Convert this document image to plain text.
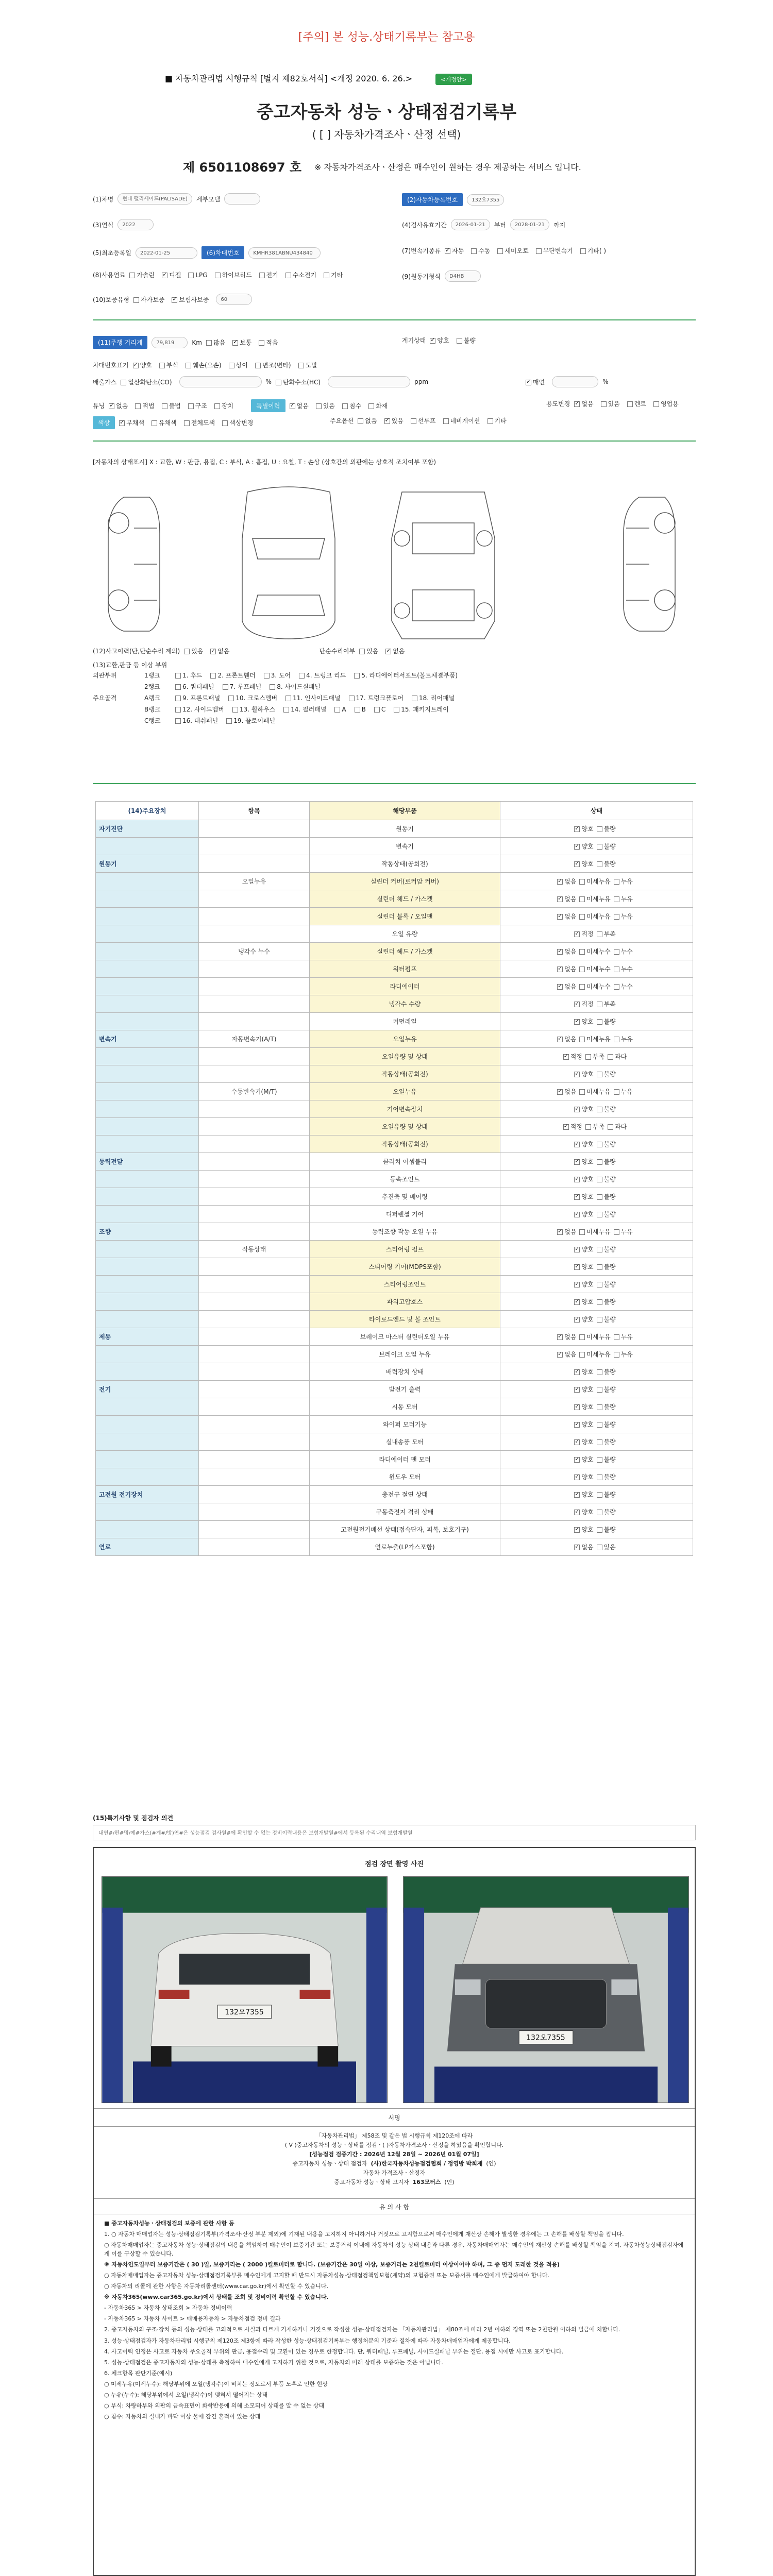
[주의] 본 성능.상태기록부는 참고용
■ 자동차관리법 시행규칙 [별지 제82호서식] <개정 2020. 6. 26.>	<개정안>
중고자동차 성능ㆍ상태점검기록부
( [ ] 자동차가격조사ㆍ산정 선택)
제 6501108697 호 ※ 자동차가격조사ㆍ산정은 매수인이 원하는 경우 제공하는 서비스 입니다.
(1)차명	현대 팰리세이드(PALISADE)	세부모델	(2)자동차등록번호	132오7355
(3)연식	2022	(4)검사유효기간	2026-01-21	부터	2028-01-21	까지
(5)최초등록일	2022-01-25	(6)차대번호	KMHR381ABNU434840	(7)변속기종류 ✓	자동	수동	세미오토	무단변속기	기타( )
(8)사용연료	가솔린 ✓	디젤	LPG	하이브리드	전기	수소전기	기타	(9)원동기형식	D4HB
(10)보증유형	자가보증 ✓	보험사보증	60
(11)주행 거리계	79,819	Km	많음 ✓	보통	적음	계기상태 ✓	양호	불량
차대번호표기 ✓	양호	부식	훼손(오손)	상이	변조(변타)	도말
배출가스	일산화탄소(CO)	%	탄화수소(HC)	ppm ✓	매연	%
튜닝 ✓	없음	적법	불법	구조	장치	특별이력 ✓	없음	있음	침수	화재	용도변경 ✓	없음	있음	렌트	영업용
색상 ✓	무채색	유채색	전체도색	색상변경	주요옵션	없음 ✓	있음	선루프	네비게이션	기타
[자동차의 상태표시] X : 교환, W : 판금, 용접, C : 부식, A : 흠집, U : 요철, T : 손상 (상호간의 외판에는 상호적 조치여부 포함)
(12)사고이력(단,단순수리 제외)	있음 ✓	없음	단순수리여부	있음 ✓	없음
(13)교환,판금 등 이상 부위
외판부위	1랭크	1. 후드	2. 프론트휀더	3. 도어	4. 트렁크 리드	5. 라디에이터서포트(볼트체결부품)
2랭크	6. 쿼터패널	7. 루프패널	8. 사이드실패널
주요골격	A랭크	9. 프론트패널	10. 크로스멤버	11. 인사이드패널	17. 트렁크플로어	18. 리어패널
B랭크	12. 사이드멤버	13. 휠하우스	14. 필러패널	A	B	C	15. 패키지트레이
C랭크	16. 대쉬패널	19. 플로어패널
(14)주요장치	항목	해당부품	상태
자기진단		원동기	✓양호 불량
		변속기	✓양호 불량
원동기		작동상태(공회전)	✓양호 불량
	오일누유	실린더 커버(로커암 커버)	✓없음 미세누유 누유
		실린더 헤드 / 가스켓	✓없음 미세누유 누유
		실린더 블록 / 오일팬	✓없음 미세누유 누유
		오일 유량	✓적정 부족
	냉각수 누수	실린더 헤드 / 가스켓	✓없음 미세누수 누수
		워터펌프	✓없음 미세누수 누수
		라디에이터	✓없음 미세누수 누수
		냉각수 수량	✓적정 부족
		커먼레일	✓양호 불량
변속기	자동변속기(A/T)	오일누유	✓없음 미세누유 누유
		오일유량 및 상태	✓적정 부족 과다
		작동상태(공회전)	✓양호 불량
	수동변속기(M/T)	오일누유	✓없음 미세누유 누유
		기어변속장치	✓양호 불량
		오일유량 및 상태	✓적정 부족 과다
		작동상태(공회전)	✓양호 불량
동력전달		클러치 어셈블리	✓양호 불량
		등속조인트	✓양호 불량
		추진축 및 베어링	✓양호 불량
		디퍼렌셜 기어	✓양호 불량
조향		동력조향 작동 오일 누유	✓없음 미세누유 누유
	작동상태	스티어링 펌프	✓양호 불량
		스티어링 기어(MDPS포함)	✓양호 불량
		스티어링조인트	✓양호 불량
		파워고압호스	✓양호 불량
		타이로드엔드 및 볼 조인트	✓양호 불량
제동		브레이크 마스터 실린더오일 누유	✓없음 미세누유 누유
		브레이크 오일 누유	✓없음 미세누유 누유
		배력장치 상태	✓양호 불량
전기		발전기 출력	✓양호 불량
		시동 모터	✓양호 불량
		와이퍼 모터기능	✓양호 불량
		실내송풍 모터	✓양호 불량
		라디에이터 팬 모터	✓양호 불량
		윈도우 모터	✓양호 불량
고전원 전기장치		충전구 절연 상태	✓양호 불량
		구동축전지 격리 상태	✓양호 불량
		고전원전기배선 상태(접속단자, 피복, 보호기구)	✓양호 불량
연료		연료누출(LP가스포함)	✓없음 있음
(15)특기사항 및 점검자 의견
내연#/편#명/예#가스(#계#/방)연#은 성능점검 검사원#에 확인할 수 없는 정비이력내용은 보험개발원#에서 등록된 수리내역 보험개발원
점검 장면 촬영 사진
132오7355
132오7355
서명
「자동차관리법」 제58조 및 같은 법 시행규칙 제120조에 따라
( V )중고자동차의 성능ㆍ상태를 점검ㆍ( )자동차가격조사ㆍ산정을 하였음을 확인합니다.
[성능점검 검증기간 : 2026년 12월 28일 ~ 2026년 01월 07일]
중고자동차 성능ㆍ상태 점검자 (사)한국자동차성능점검협회 / 정영방 박희재 (인)
자동차 가격조사ㆍ산정자
중고자동차 성능ㆍ상태 고지자 163모터스 (인)
유 의 사 항
■ 중고자동차성능ㆍ상태점검의 보증에 관한 사항 등
1. ○ 자동차 매매업자는 성능·상태점검기록부(가격조사·산정 부분 제외)에 기재된 내용을 고지하지 아니하거나 거짓으로 고지함으로써 매수인에게 재산상 손해가 발생한 경우에는 그 손해를 배상할 책임을 집니다.
○ 자동차매매업자는 중고자동차 성능·상태점검의 내용을 책임하여 매수인이 보증기간 또는 보증거리 이내에 자동차의 성능 상태 내용과 다른 경우, 자동차매매업자는 매수인의 재산상 손해를 배상할 책임을 지며, 자동차성능상태점검자에게 이를 구상할 수 있습니다.
※ 자동차인도일부터 보증기간은 ( 30 )일, 보증거리는 ( 2000 )킬로미터로 합니다. (보증기간은 30일 이상, 보증거리는 2천킬로미터 이상이어야 하며, 그 중 먼저 도래한 것을 적용)
○ 자동차매매업자는 중고자동차 성능·상태점검기록부를 매수인에게 고지할 때 반드시 자동차성능·상태점검책임보험(계약)의 보험증권 또는 보증서를 매수인에게 발급하여야 합니다.
○ 자동차의 리콜에 관한 사항은 자동차리콜센터(www.car.go.kr)에서 확인할 수 있습니다.
※ 자동차365(www.car365.go.kr)에서 상태를 조회 및 정비이력 확인할 수 있습니다.
- 자동차365 > 자동차 상태조회 > 자동차 정비이력
- 자동차365 > 자동차 사이트 > 매매용자동차 > 자동차점검 정비 결과
2. 중고자동차의 구조·장치 등의 성능·상태를 고의적으로 사실과 다르게 기재하거나 거짓으로 작성한 성능·상태점검자는 「자동차관리법」 제80조에 따라 2년 이하의 징역 또는 2천만원 이하의 벌금에 처합니다.
3. 성능·상태점검자가 자동차관리법 시행규칙 제120조 제3항에 따라 작성한 성능·상태점검기록부는 행정처분의 기준과 절차에 따라 자동차매매업자에게 제공합니다.
4. 사고이력 인정은 사고로 자동차 주요골격 부위의 판금, 용접수리 및 교환이 있는 경우로 한정합니다. 단, 쿼터패널, 루프패널, 사이드실패널 부위는 절단, 용접 시에만 사고로 표기합니다.
5. 성능·상태점검은 중고자동차의 성능·상태를 측정하여 매수인에게 고지하기 위한 것으로, 자동차의 미래 상태를 보증하는 것은 아닙니다.
6. 체크항목 판단기준(예시)
○ 미세누유(미세누수): 해당부위에 오일(냉각수)이 비치는 정도로서 부품 노후로 인한 현상
○ 누유(누수): 해당부위에서 오일(냉각수)이 맺혀서 떨어지는 상태
○ 부식: 차량하부와 외판의 금속표면이 화학반응에 의해 소모되어 상태를 알 수 없는 상태
○ 침수: 자동차의 실내가 바닥 이상 물에 잠긴 흔적이 있는 상태
